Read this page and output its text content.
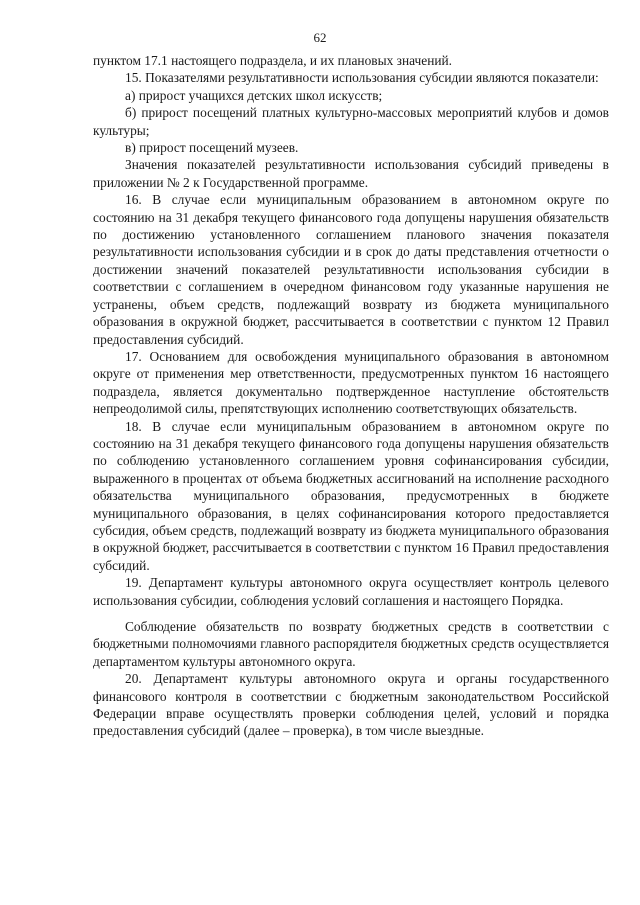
62

пунктом 17.1 настоящего подраздела, и их плановых значений.

15. Показателями результативности использования субсидии являются показатели:

а) прирост учащихся детских школ искусств;

б) прирост посещений платных культурно-массовых мероприятий клубов и домов культуры;

в) прирост посещений музеев.

Значения показателей результативности использования субсидий приведены в приложении № 2 к Государственной программе.

16. В случае если муниципальным образованием в автономном округе по состоянию на 31 декабря текущего финансового года допущены нарушения обязательств по достижению установленного соглашением планового значения показателя результативности использования субсидии и в срок до даты представления отчетности о достижении значений показателей результативности использования субсидии в соответствии с соглашением в очередном финансовом году указанные нарушения не устранены, объем средств, подлежащий возврату из бюджета муниципального образования в окружной бюджет, рассчитывается в соответствии с пунктом 12 Правил предоставления субсидий.

17. Основанием для освобождения муниципального образования в автономном округе от применения мер ответственности, предусмотренных пунктом 16 настоящего подраздела, является документально подтвержденное наступление обстоятельств непреодолимой силы, препятствующих исполнению соответствующих обязательств.

18. В случае если муниципальным образованием в автономном округе по состоянию на 31 декабря текущего финансового года допущены нарушения обязательств по соблюдению установленного соглашением уровня софинансирования субсидии, выраженного в процентах от объема бюджетных ассигнований на исполнение расходного обязательства муниципального образования, предусмотренных в бюджете муниципального образования, в целях софинансирования которого предоставляется субсидия, объем средств, подлежащий возврату из бюджета муниципального образования в окружной бюджет, рассчитывается в соответствии с пунктом 16 Правил предоставления субсидий.

19. Департамент культуры автономного округа осуществляет контроль целевого использования субсидии, соблюдения условий соглашения и настоящего Порядка.

Соблюдение обязательств по возврату бюджетных средств в соответствии с бюджетными полномочиями главного распорядителя бюджетных средств осуществляется департаментом культуры автономного округа.

20. Департамент культуры автономного округа и органы государственного финансового контроля в соответствии с бюджетным законодательством Российской Федерации вправе осуществлять проверки соблюдения целей, условий и порядка предоставления субсидий (далее – проверка), в том числе выездные.
